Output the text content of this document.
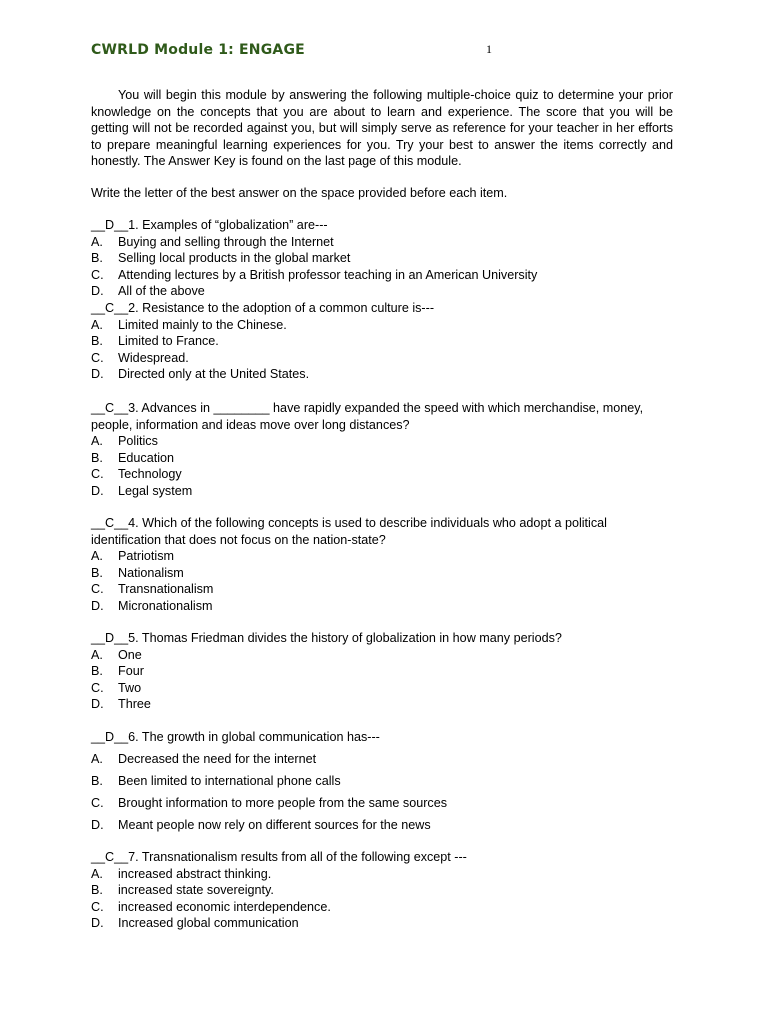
CWRLD Module 1: ENGAGE	1

You will begin this module by answering the following multiple-choice quiz to determine your prior knowledge on the concepts that you are about to learn and experience. The score that you will be getting will not be recorded against you, but will simply serve as reference for your teacher in her efforts to prepare meaningful learning experiences for you. Try your best to answer the items correctly and honestly. The Answer Key is found on the last page of this module.

Write the letter of the best answer on the space provided before each item.

__D__1. Examples of “globalization” are---

A.	Buying and selling through the Internet
B.	Selling local products in the global market
C.	Attending lectures by a British professor teaching in an American University
D.	All of the above

__C__2. Resistance to the adoption of a common culture is---

A.	Limited mainly to the Chinese.
B.	Limited to France.
C.	Widespread.
D.	Directed only at the United States.

__C__3. Advances in ________ have rapidly expanded the speed with which merchandise, money, people, information and ideas move over long distances?

A.	Politics
B.	Education
C.	Technology
D.	Legal system

__C__4. Which of the following concepts is used to describe individuals who adopt a political identification that does not focus on the nation-state?

A.	Patriotism
B.	Nationalism
C.	Transnationalism
D.	Micronationalism

__D__5. Thomas Friedman divides the history of globalization in how many periods?

A.	One
B.	Four
C.	Two
D.	Three

__D__6. The growth in global communication has---

A.	Decreased the need for the internet
B.	Been limited to international phone calls
C.	Brought information to more people from the same sources
D.	Meant people now rely on different sources for the news

__C__7. Transnationalism results from all of the following except ---

A.	increased abstract thinking.
B.	increased state sovereignty.
C.	increased economic interdependence.
D.	Increased global communication
